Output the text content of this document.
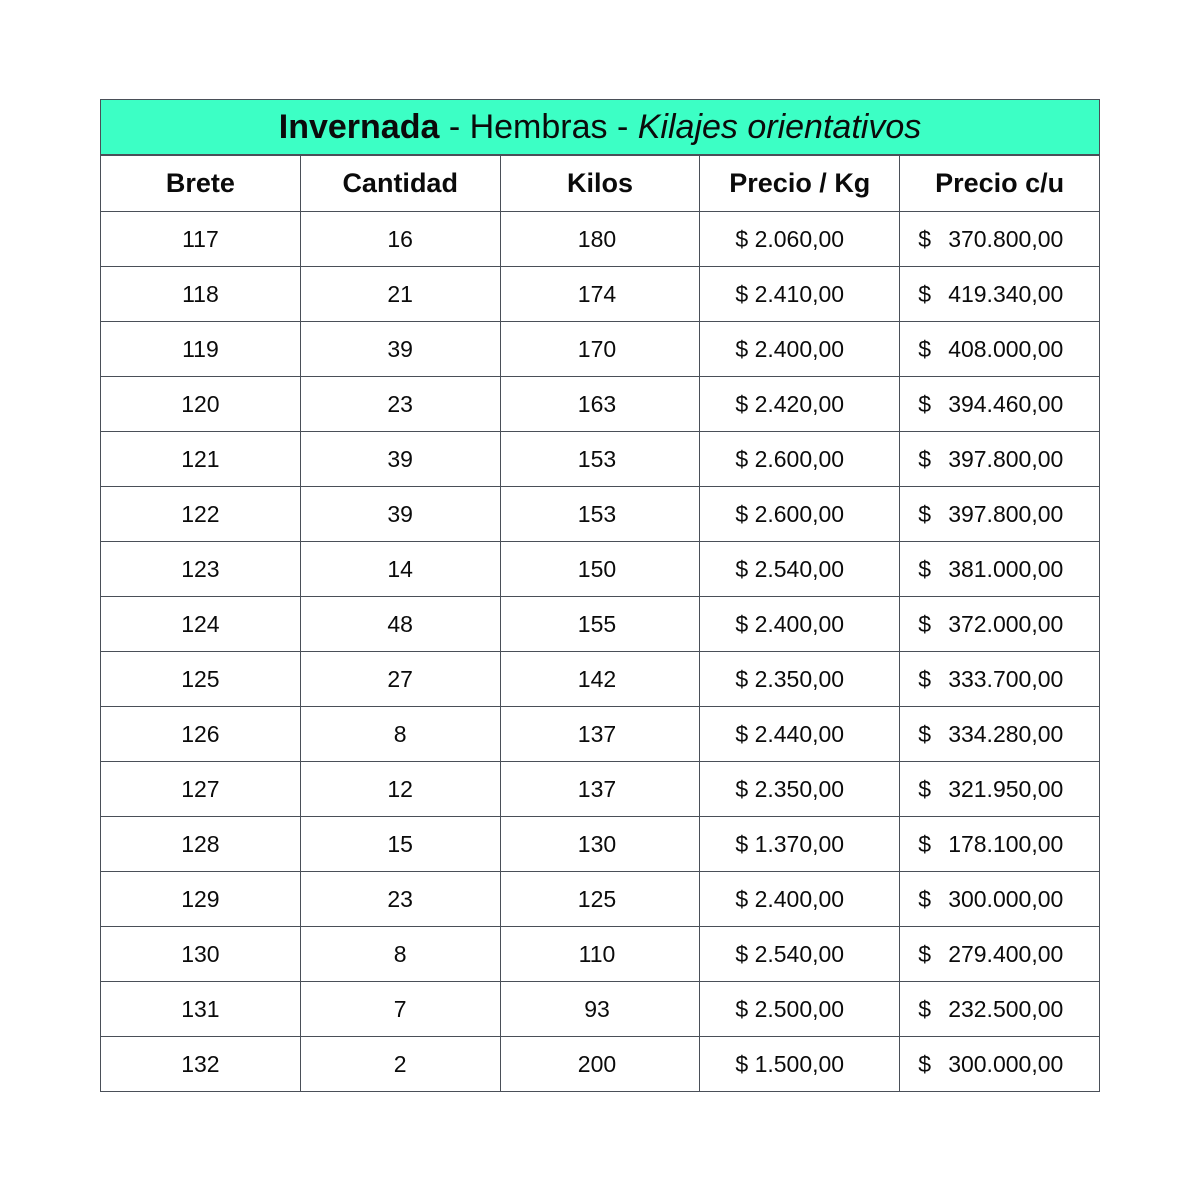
Invernada - Hembras - Kilajes orientativos
Brete	Cantidad	Kilos	Precio / Kg	Precio c/u
117	16	180	$ 2.060,00	$ 370.800,00
118	21	174	$ 2.410,00	$ 419.340,00
119	39	170	$ 2.400,00	$ 408.000,00
120	23	163	$ 2.420,00	$ 394.460,00
121	39	153	$ 2.600,00	$ 397.800,00
122	39	153	$ 2.600,00	$ 397.800,00
123	14	150	$ 2.540,00	$ 381.000,00
124	48	155	$ 2.400,00	$ 372.000,00
125	27	142	$ 2.350,00	$ 333.700,00
126	8	137	$ 2.440,00	$ 334.280,00
127	12	137	$ 2.350,00	$ 321.950,00
128	15	130	$ 1.370,00	$ 178.100,00
129	23	125	$ 2.400,00	$ 300.000,00
130	8	110	$ 2.540,00	$ 279.400,00
131	7	93	$ 2.500,00	$ 232.500,00
132	2	200	$ 1.500,00	$ 300.000,00
